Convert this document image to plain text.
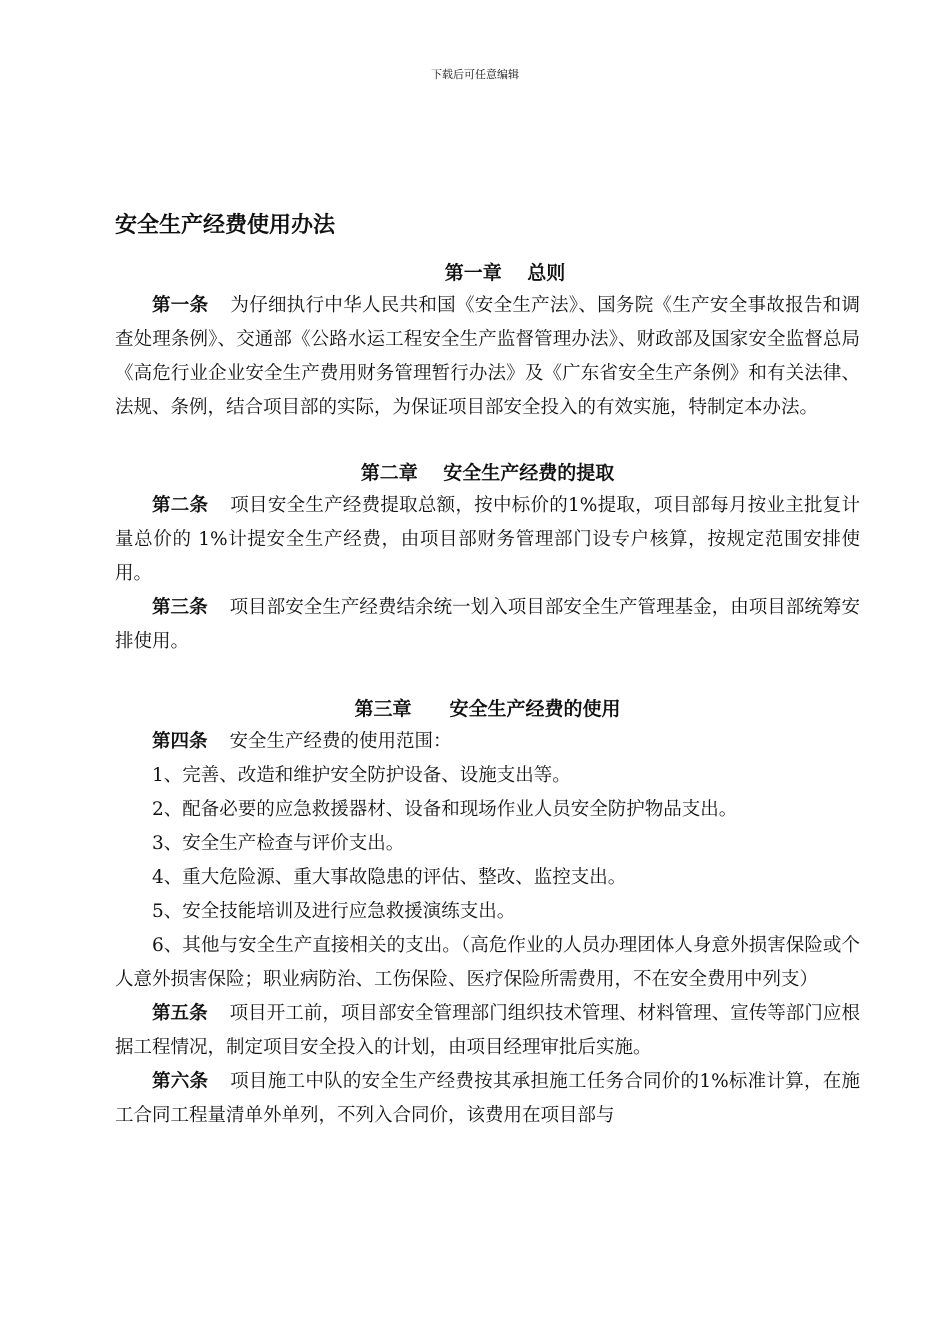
下载后可任意编辑
安全生产经费使用办法
第一章　 总则

第一条 为仔细执行中华人民共和国《安全生产法》、国务院《生产安全事故报告和调查处理条例》、交通部《公路水运工程安全生产监督管理办法》、财政部及国家安全监督总局《高危行业企业安全生产费用财务管理暂行办法》及《广东省安全生产条例》和有关法律、法规、条例，结合项目部的实际，为保证项目部安全投入的有效实施，特制定本办法。

第二章　 安全生产经费的提取

第二条 项目安全生产经费提取总额，按中标价的1%提取，项目部每月按业主批复计量总价的 1%计提安全生产经费，由项目部财务管理部门设专户核算，按规定范围安排使用。

第三条 项目部安全生产经费结余统一划入项目部安全生产管理基金，由项目部统筹安排使用。

第三章　　安全生产经费的使用

第四条 安全生产经费的使用范围：

1、完善、改造和维护安全防护设备、设施支出等。

2、配备必要的应急救援器材、设备和现场作业人员安全防护物品支出。

3、安全生产检查与评价支出。

4、重大危险源、重大事故隐患的评估、整改、监控支出。

5、安全技能培训及进行应急救援演练支出。

6、其他与安全生产直接相关的支出。（高危作业的人员办理团体人身意外损害保险或个人意外损害保险；职业病防治、工伤保险、医疗保险所需费用，不在安全费用中列支）

第五条 项目开工前，项目部安全管理部门组织技术管理、材料管理、宣传等部门应根据工程情况，制定项目安全投入的计划，由项目经理审批后实施。

第六条 项目施工中队的安全生产经费按其承担施工任务合同价的1%标准计算，在施工合同工程量清单外单列，不列入合同价，该费用在项目部与
